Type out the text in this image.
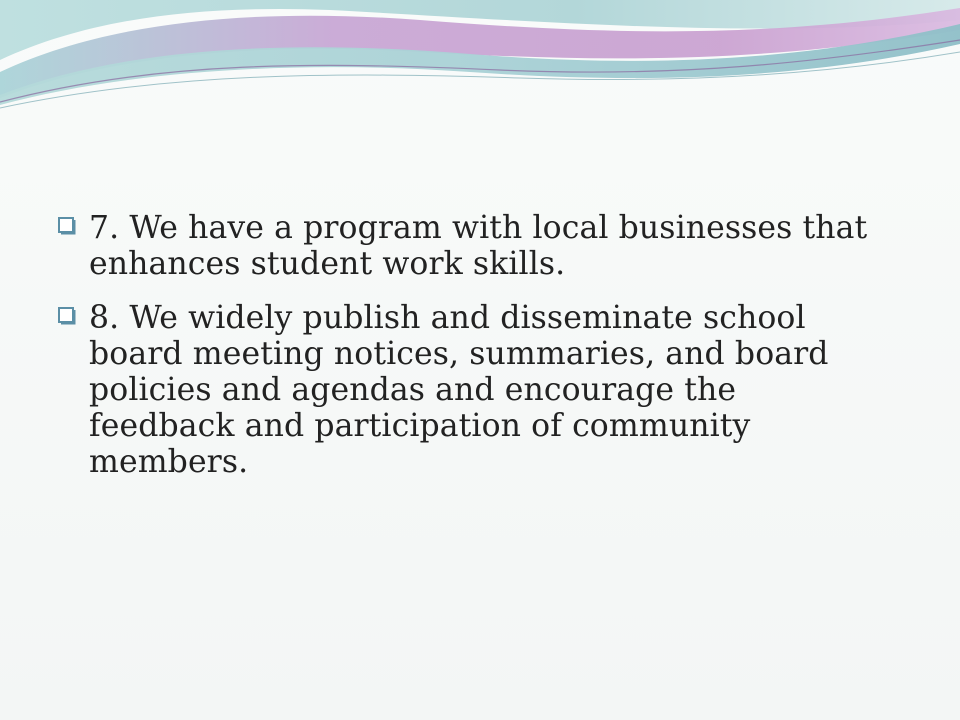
7. We have a program with local businesses that enhances student work skills.
8. We widely publish and disseminate school board meeting notices, summaries, and board policies and agendas and encourage the feedback and participation of community members.
